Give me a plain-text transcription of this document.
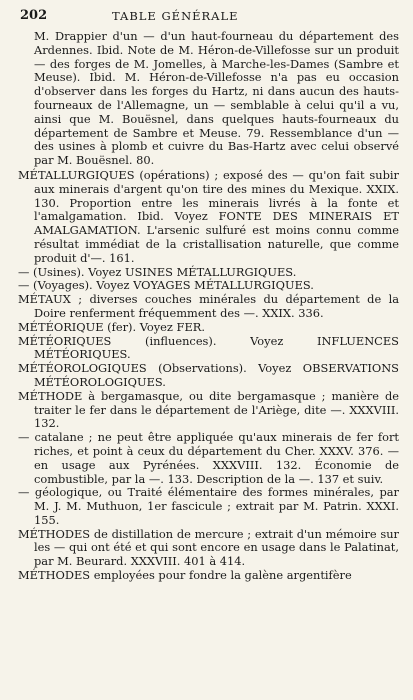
202	TABLE GÉNÉRALE

M. Drappier d'un — d'un haut-fourneau du département des Ardennes. Ibid. Note de M. Héron-de-Villefosse sur un produit — des forges de M. Jomelles, à Marche-les-Dames (Sambre et Meuse). Ibid. M. Héron-de-Villefosse n'a pas eu occasion d'observer dans les forges du Hartz, ni dans aucun des hauts-fourneaux de l'Allemagne, un — semblable à celui qu'il a vu, ainsi que M. Bouësnel, dans quelques hauts-fourneaux du département de Sambre et Meuse. 79. Ressemblance d'un — des usines à plomb et cuivre du Bas-Hartz avec celui observé par M. Bouësnel. 80.

MÉTALLURGIQUES (opérations) ; exposé des — qu'on fait subir aux minerais d'argent qu'on tire des mines du Mexique. XXIX. 130. Proportion entre les minerais livrés à la fonte et l'amalgamation. Ibid. Voyez FONTE DES MINERAIS ET AMALGAMATION. L'arsenic sulfuré est moins connu comme résultat immédiat de la cristallisation naturelle, que comme produit d'—. 161.

— (Usines). Voyez USINES MÉTALLURGIQUES.

— (Voyages). Voyez VOYAGES MÉTALLURGIQUES.

MÉTAUX ; diverses couches minérales du département de la Doire renferment fréquemment des —. XXIX. 336.

MÉTÉORIQUE (fer). Voyez FER.

MÉTÉORIQUES (influences). Voyez INFLUENCES MÉTÉORIQUES.

MÉTÉOROLOGIQUES (Observations). Voyez OBSERVATIONS MÉTÉOROLOGIQUES.

MÉTHODE à bergamasque, ou dite bergamasque ; manière de traiter le fer dans le département de l'Ariège, dite —. XXXVIII. 132.

— catalane ; ne peut être appliquée qu'aux minerais de fer fort riches, et point à ceux du département du Cher. XXXV. 376. — en usage aux Pyrénées. XXXVIII. 132. Économie de combustible, par la —. 133. Description de la —. 137 et suiv.

— géologique, ou Traité élémentaire des formes minérales, par M. J. M. Muthuon, 1er fascicule ; extrait par M. Patrin. XXXI. 155.

MÉTHODES de distillation de mercure ; extrait d'un mémoire sur les — qui ont été et qui sont encore en usage dans le Palatinat, par M. Beurard. XXXVIII. 401 à 414.

MÉTHODES employées pour fondre la galène argentifère
